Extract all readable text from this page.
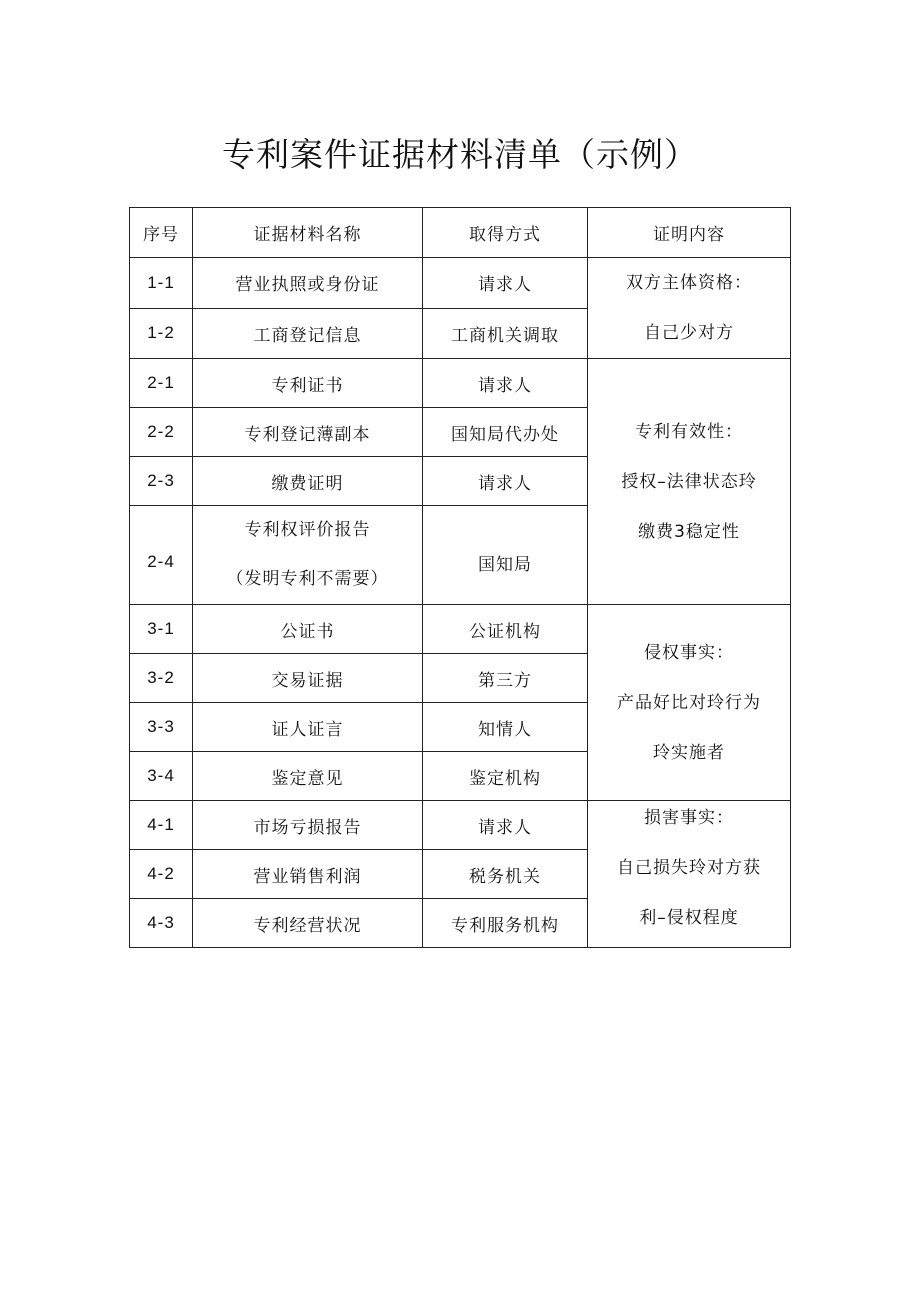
专利案件证据材料清单（示例）
序号	证据材料名称	取得方式	证明内容
1-1	营业执照或身份证	请求人	双方主体资格：
自己少对方

1-2	工商登记信息	工商机关调取	
2-1	专利证书	请求人	专利有效性：
授权–法律状态玲
缴费3稳定性

2-2	专利登记薄副本	国知局代办处	
2-3	缴费证明	请求人	
2-4	专利权评价报告
（发明专利不需要）	国知局	
3-1	公证书	公证机构	侵权事实：
产品好比对玲行为
玲实施者

3-2	交易证据	第三方	
3-3	证人证言	知情人	
3-4	鉴定意见	鉴定机构	
4-1	市场亏损报告	请求人	损害事实：
自己损失玲对方获
利–侵权程度

4-2	营业销售利润	税务机关	
4-3	专利经营状况	专利服务机构	
